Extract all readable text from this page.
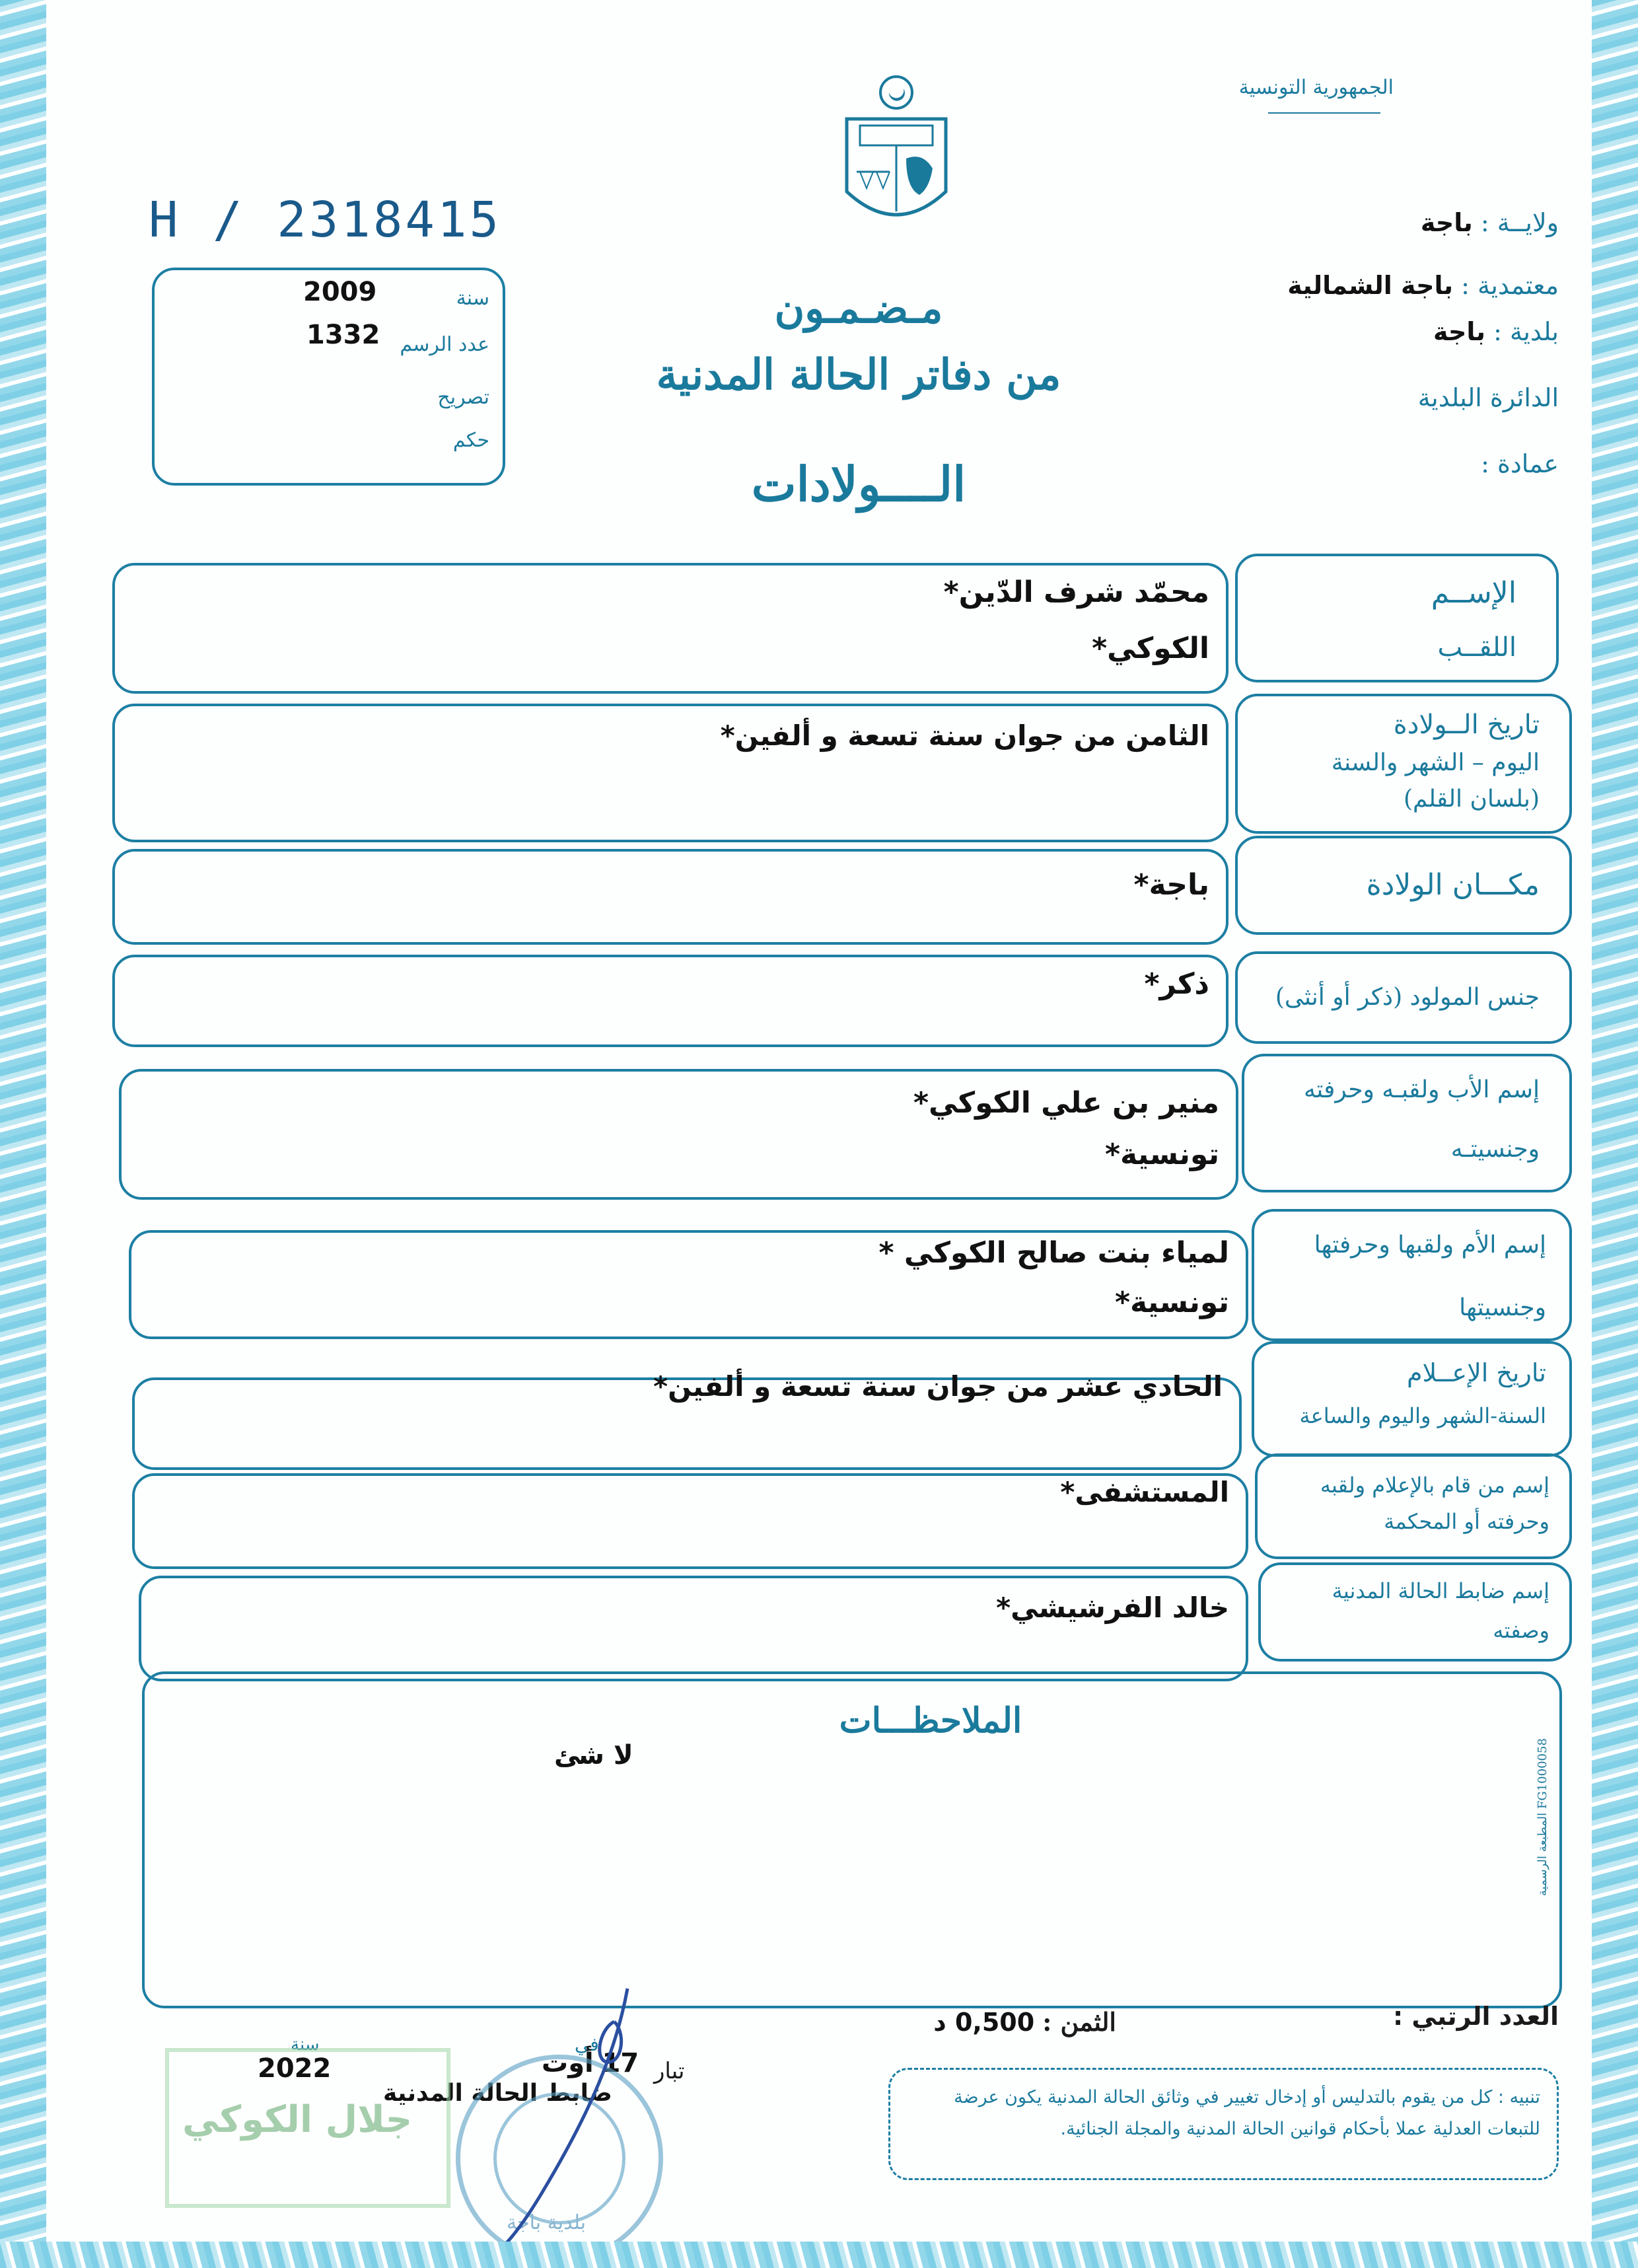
الجمهورية التونسية
H / 2318415	ولايــة : باجة
معتمدية : باجة الشمالية
بلدية : باجة
الدائرة البلدية
عمادة :
سنة
2009
عدد الرسم
1332
تصريح
حكم
مـضـمـون
من دفاتر الحالة المدنية
الــــولادات
الإســم
اللقــب
محمّد شرف الدّين*
الكوكي*
تاريخ الــولادة
اليوم – الشهر والسنة
(بلسان القلم)
الثامن من جوان سنة تسعة و ألفين*
مكـــان الولادة
باجة*
جنس المولود (ذكر أو أنثى)
ذكر*
إسم الأب ولقبـه وحرفته
وجنسيتـه
منير بن علي الكوكي*
تونسية*
إسم الأم ولقبها وحرفتها
وجنسيتها
لمياء بنت صالح الكوكي *
تونسية*
تاريخ الإعــلام
السنة-الشهر واليوم والساعة
الحادي عشر من جوان سنة تسعة و ألفين*
إسم من قام بالإعلام ولقبه
وحرفته أو المحكمة
المستشفى*
إسم ضابط الحالة المدنية
وصفته
خالد الفرشيشي*
الملاحظـــات
لا شئ
المطبعة الرسمية FG1000058
العدد الرتبي :
الثمن : 0,500 د
سنة
2022
في
17 أوت	تبار
ضابط الحالة المدنية
جلال الكوكي
بلدية باجة
تنبيه : كل من يقوم بالتدليس أو إدخال تغيير في وثائق الحالة المدنية يكون عرضة للتبعات العدلية عملا بأحكام قوانين الحالة المدنية والمجلة الجنائية.
